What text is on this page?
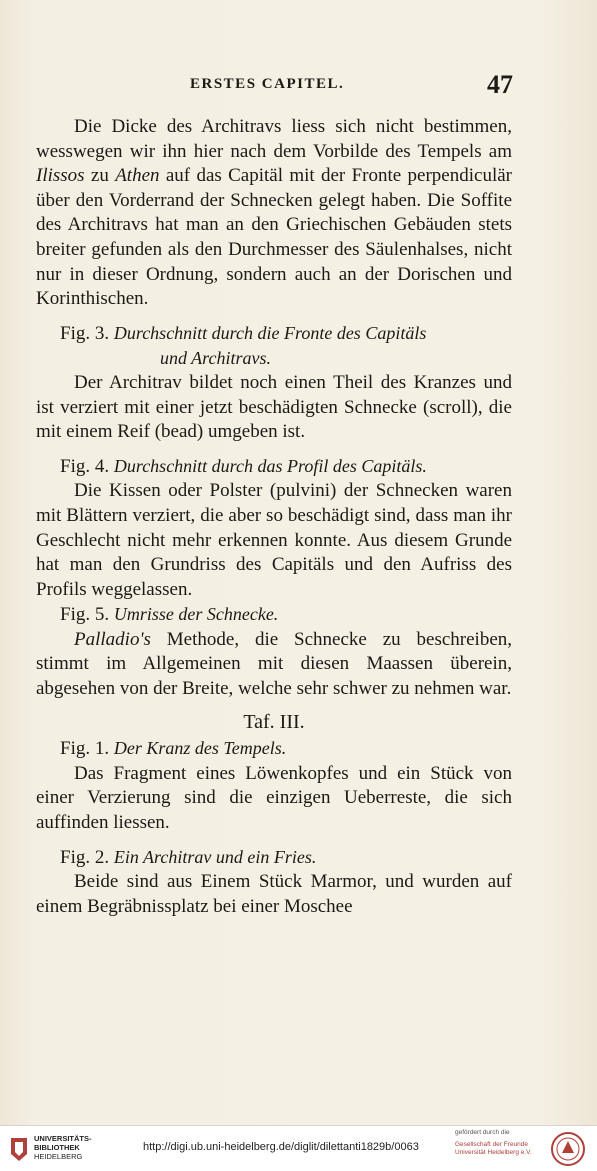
ERSTES CAPITEL.	47

Die Dicke des Architravs liess sich nicht bestimmen, wesswegen wir ihn hier nach dem Vorbilde des Tempels am Ilissos zu Athen auf das Capitäl mit der Fronte perpendiculär über den Vorderrand der Schnecken gelegt haben. Die Soffite des Architravs hat man an den Griechischen Gebäuden stets breiter gefunden als den Durchmesser des Säulenhalses, nicht nur in dieser Ordnung, sondern auch an der Dorischen und Korinthischen.

Fig. 3. Durchschnitt durch die Fronte des Capitäls
und Architravs.

Der Architrav bildet noch einen Theil des Kranzes und ist verziert mit einer jetzt beschädigten Schnecke (scroll), die mit einem Reif (bead) umgeben ist.

Fig. 4. Durchschnitt durch das Profil des Capitäls.

Die Kissen oder Polster (pulvini) der Schnecken waren mit Blättern verziert, die aber so beschädigt sind, dass man ihr Geschlecht nicht mehr erkennen konnte. Aus diesem Grunde hat man den Grundriss des Capitäls und den Aufriss des Profils weggelassen.

Fig. 5. Umrisse der Schnecke.

Palladio's Methode, die Schnecke zu beschreiben, stimmt im Allgemeinen mit diesen Maassen überein, abgesehen von der Breite, welche sehr schwer zu nehmen war.

Taf. III.
Fig. 1. Der Kranz des Tempels.

Das Fragment eines Löwenkopfes und ein Stück von einer Verzierung sind die einzigen Ueberreste, die sich auffinden liessen.

Fig. 2. Ein Architrav und ein Fries.

Beide sind aus Einem Stück Marmor, und wurden auf einem Begräbnissplatz bei einer Moschee

UNIVERSITÄTS-
BIBLIOTHEK
HEIDELBERG
http://digi.ub.uni-heidelberg.de/diglit/dilettanti1829b/0063
gefördert durch die
Gesellschaft der Freunde
Universität Heidelberg e.V.
